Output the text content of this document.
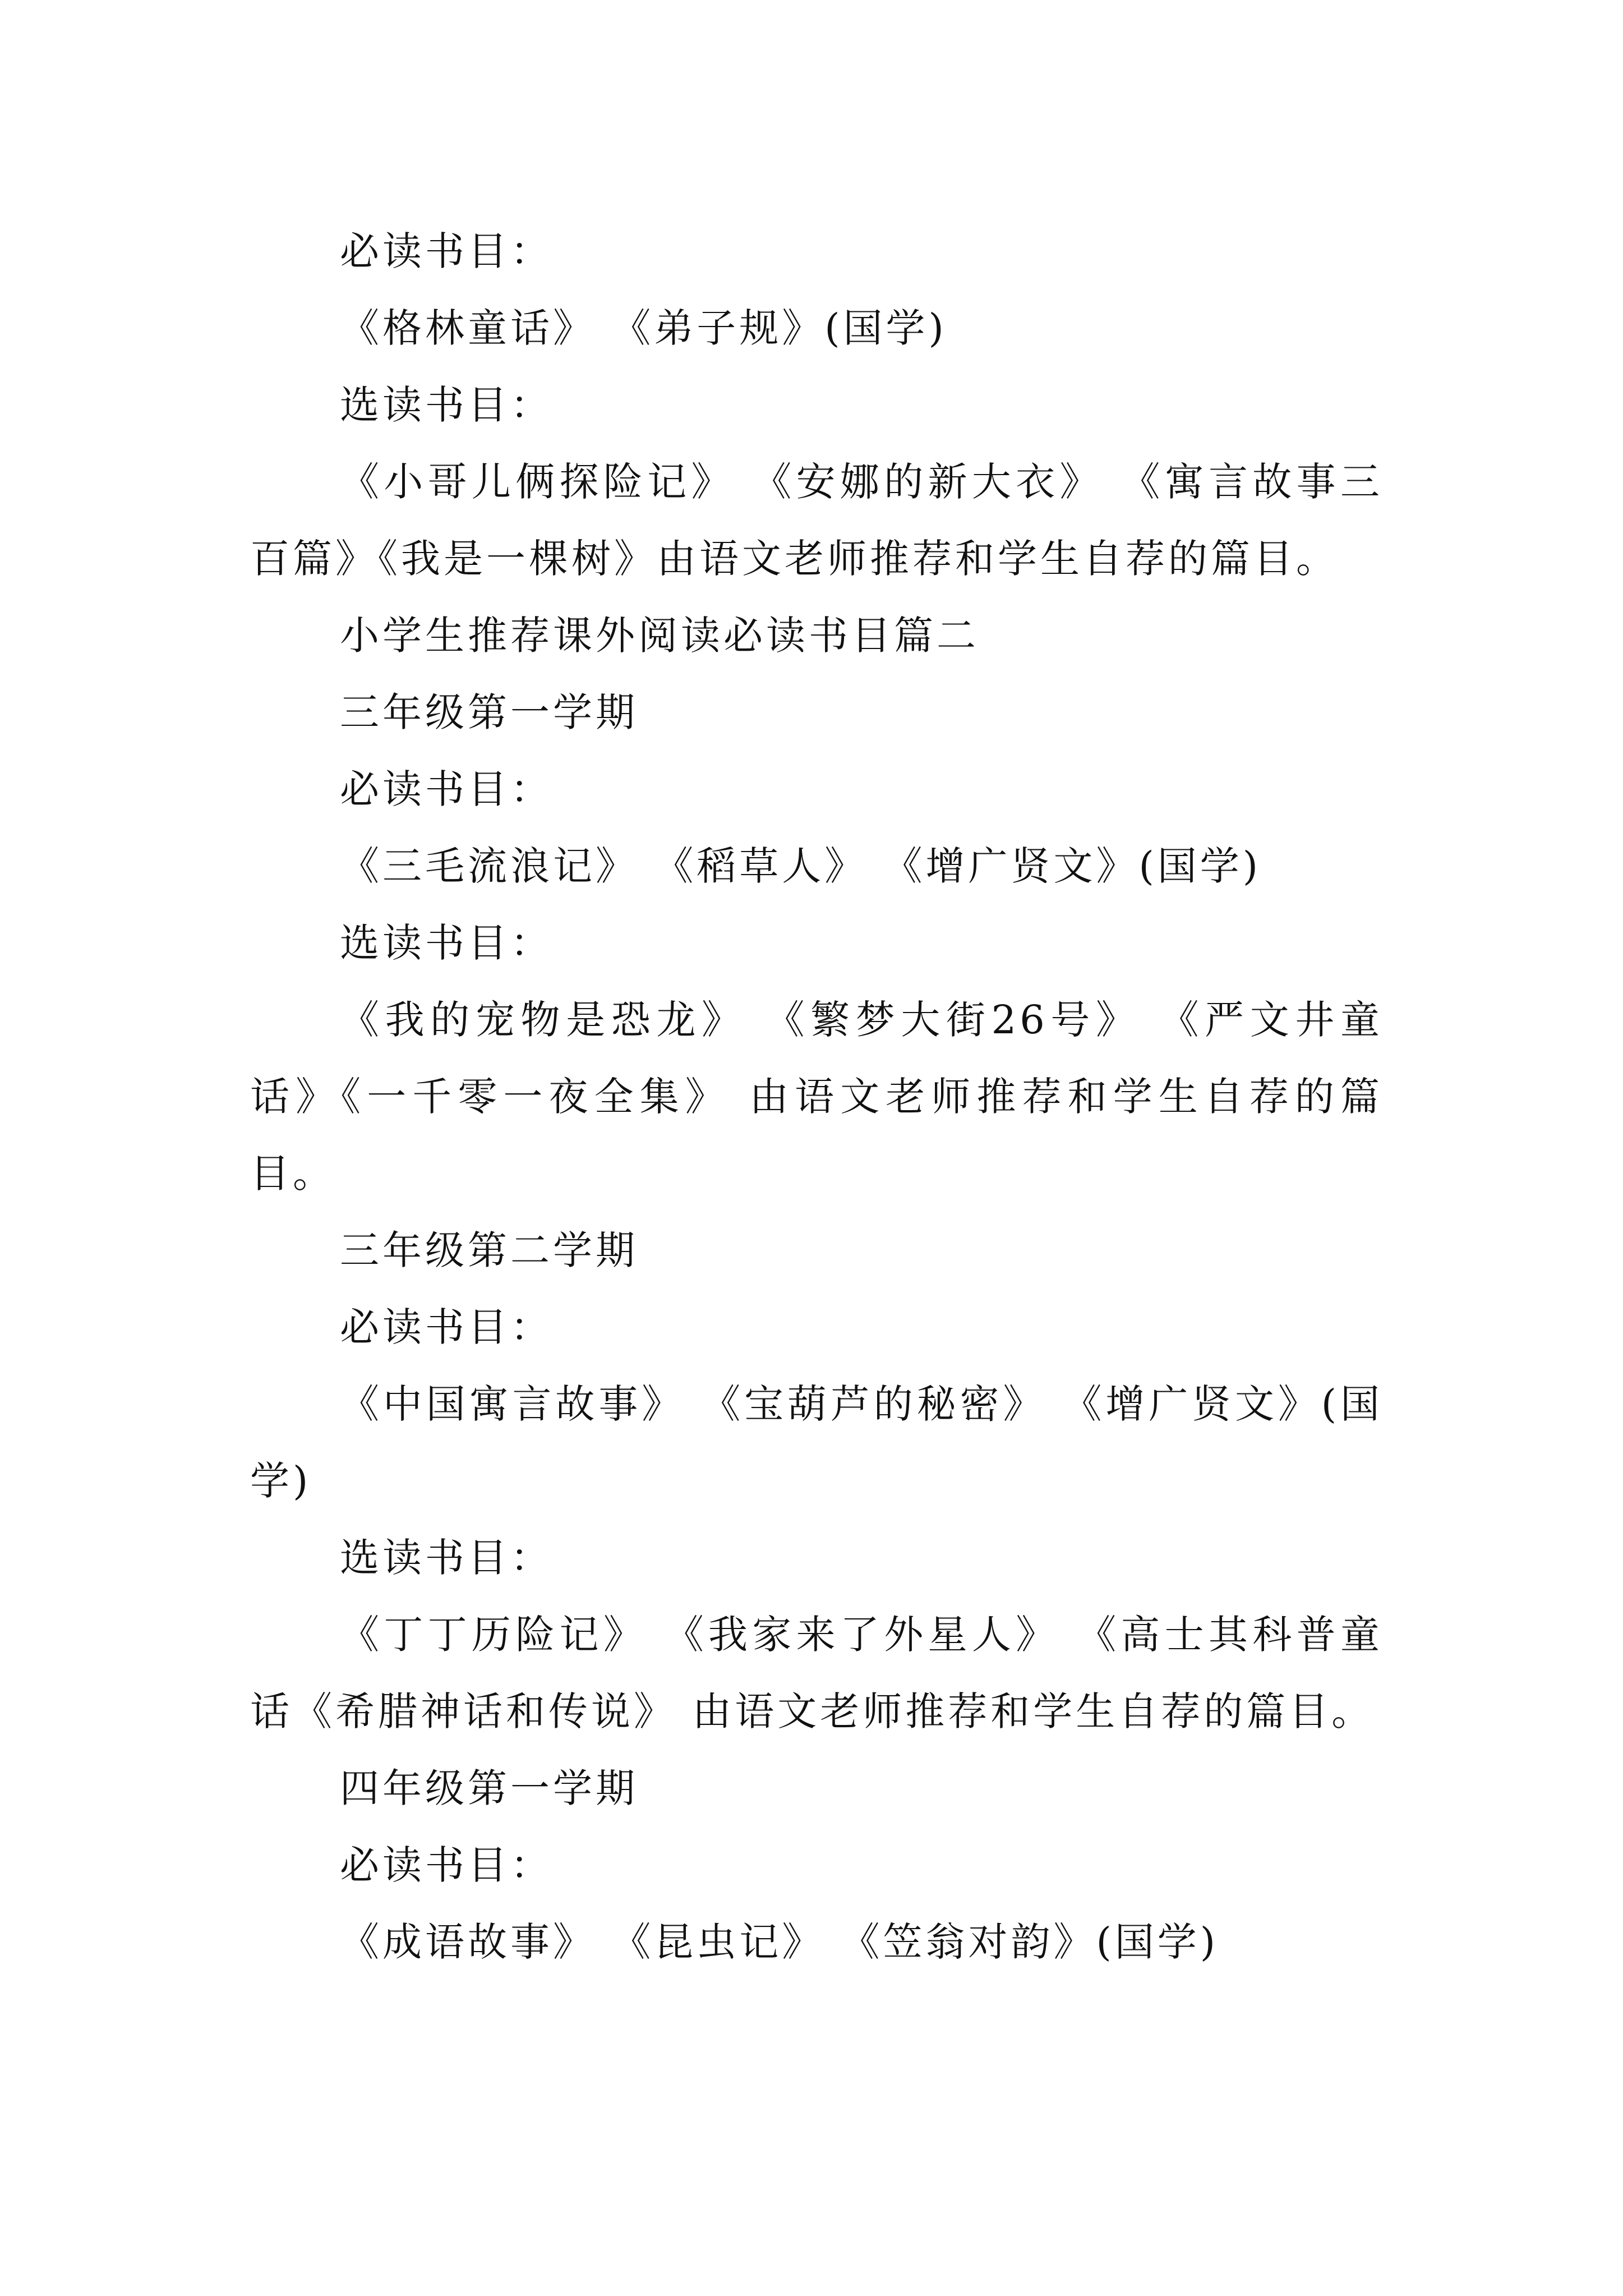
必读书目：

《格林童话》 《弟子规》(国学)

选读书目：

《小哥儿俩探险记》 《安娜的新大衣》 《寓言故事三百篇》《我是一棵树》由语文老师推荐和学生自荐的篇目。

小学生推荐课外阅读必读书目篇二

三年级第一学期

必读书目：

《三毛流浪记》 《稻草人》 《增广贤文》(国学)

选读书目：

《我的宠物是恐龙》 《繁梦大街26号》 《严文井童话》《一千零一夜全集》 由语文老师推荐和学生自荐的篇目。

三年级第二学期

必读书目：

《中国寓言故事》 《宝葫芦的秘密》 《增广贤文》(国学)

选读书目：

《丁丁历险记》 《我家来了外星人》 《高士其科普童话《希腊神话和传说》 由语文老师推荐和学生自荐的篇目。

四年级第一学期

必读书目：

《成语故事》 《昆虫记》 《笠翁对韵》(国学)
